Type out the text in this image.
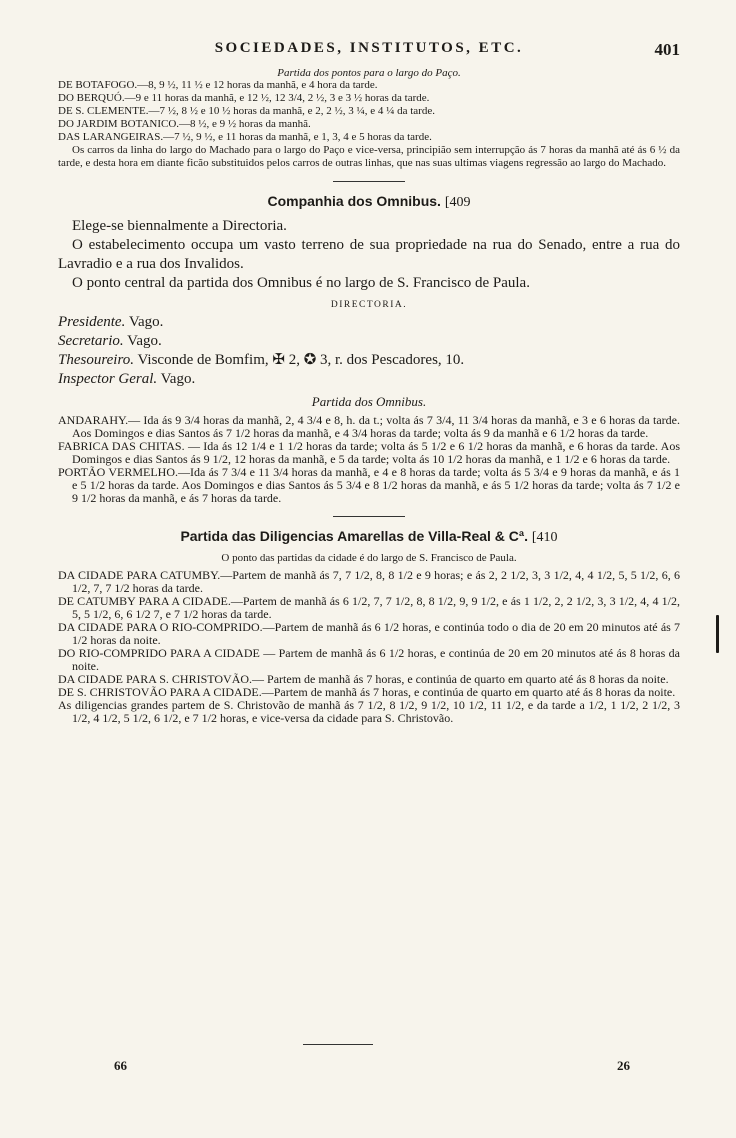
SOCIEDADES, INSTITUTOS, ETC.	401
Partida dos pontos para o largo do Paço.

DE BOTAFOGO.—8, 9 ½, 11 ½ e 12 horas da manhã, e 4 hora da tarde.

DO BERQUÓ.—9 e 11 horas da manhã, e 12 ½, 12 3/4, 2 ½, 3 e 3 ½ horas da tarde.

DE S. CLEMENTE.—7 ½, 8 ½ e 10 ½ horas da manhã, e 2, 2 ½, 3 ¼, e 4 ¼ da tarde.

DO JARDIM BOTANICO.—8 ½, e 9 ½ horas da manhã.

DAS LARANGEIRAS.—7 ½, 9 ½, e 11 horas da manhã, e 1, 3, 4 e 5 horas da tarde.

Os carros da linha do largo do Machado para o largo do Paço e vice-versa, principião sem interrupção ás 7 horas da manhã até ás 6 ½ da tarde, e desta hora em diante ficão substituidos pelos carros de outras linhas, que nas suas ultimas viagens regressão ao largo do Machado.

Companhia dos Omnibus. [409

Elege-se biennalmente a Directoria.

O estabelecimento occupa um vasto terreno de sua propriedade na rua do Senado, entre a rua do Lavradio e a rua dos Invalidos.

O ponto central da partida dos Omnibus é no largo de S. Francisco de Paula.

DIRECTORIA.

Presidente. Vago.

Secretario. Vago.

Thesoureiro. Visconde de Bomfim, ✠ 2, ✪ 3, r. dos Pescadores, 10.

Inspector Geral. Vago.

Partida dos Omnibus.

ANDARAHY.— Ida ás 9 3/4 horas da manhã, 2, 4 3/4 e 8, h. da t.; volta ás 7 3/4, 11 3/4 horas da manhã, e 3 e 6 horas da tarde. Aos Domingos e dias Santos ás 7 1/2 horas da manhã, e 4 3/4 horas da tarde; volta ás 9 da manhã e 6 1/2 horas da tarde.

FABRICA DAS CHITAS. — Ida ás 12 1/4 e 1 1/2 horas da tarde; volta ás 5 1/2 e 6 1/2 horas da manhã, e 6 horas da tarde. Aos Domingos e dias Santos ás 9 1/2, 12 horas da manhã, e 5 da tarde; volta ás 10 1/2 horas da manhã, e 1 1/2 e 6 horas da tarde.

PORTÃO VERMELHO.—Ida ás 7 3/4 e 11 3/4 horas da manhã, e 4 e 8 horas da tarde; volta ás 5 3/4 e 9 horas da manhã, e ás 1 e 5 1/2 horas da tarde. Aos Domingos e dias Santos ás 5 3/4 e 8 1/2 horas da manhã, e ás 5 1/2 horas da tarde; volta ás 7 1/2 e 9 1/2 horas da manhã, e ás 7 horas da tarde.

Partida das Diligencias Amarellas de Villa-Real & Cª. [410
O ponto das partidas da cidade é do largo de S. Francisco de Paula.

DA CIDADE PARA CATUMBY.—Partem de manhã ás 7, 7 1/2, 8, 8 1/2 e 9 horas; e ás 2, 2 1/2, 3, 3 1/2, 4, 4 1/2, 5, 5 1/2, 6, 6 1/2, 7, 7 1/2 horas da tarde.

DE CATUMBY PARA A CIDADE.—Partem de manhã ás 6 1/2, 7, 7 1/2, 8, 8 1/2, 9, 9 1/2, e ás 1 1/2, 2, 2 1/2, 3, 3 1/2, 4, 4 1/2, 5, 5 1/2, 6, 6 1/2 7, e 7 1/2 horas da tarde.

DA CIDADE PARA O RIO-COMPRIDO.—Partem de manhã ás 6 1/2 horas, e continúa todo o dia de 20 em 20 minutos até ás 7 1/2 horas da noite.

DO RIO-COMPRIDO PARA A CIDADE — Partem de manhã ás 6 1/2 horas, e continúa de 20 em 20 minutos até ás 8 horas da noite.

DA CIDADE PARA S. CHRISTOVÃO.— Partem de manhã ás 7 horas, e continúa de quarto em quarto até ás 8 horas da noite.

DE S. CHRISTOVÃO PARA A CIDADE.—Partem de manhã ás 7 horas, e continúa de quarto em quarto até ás 8 horas da noite.

As diligencias grandes partem de S. Christovão de manhã ás 7 1/2, 8 1/2, 9 1/2, 10 1/2, 11 1/2, e da tarde a 1/2, 1 1/2, 2 1/2, 3 1/2, 4 1/2, 5 1/2, 6 1/2, e 7 1/2 horas, e vice-versa da cidade para S. Christovão.

66	26
